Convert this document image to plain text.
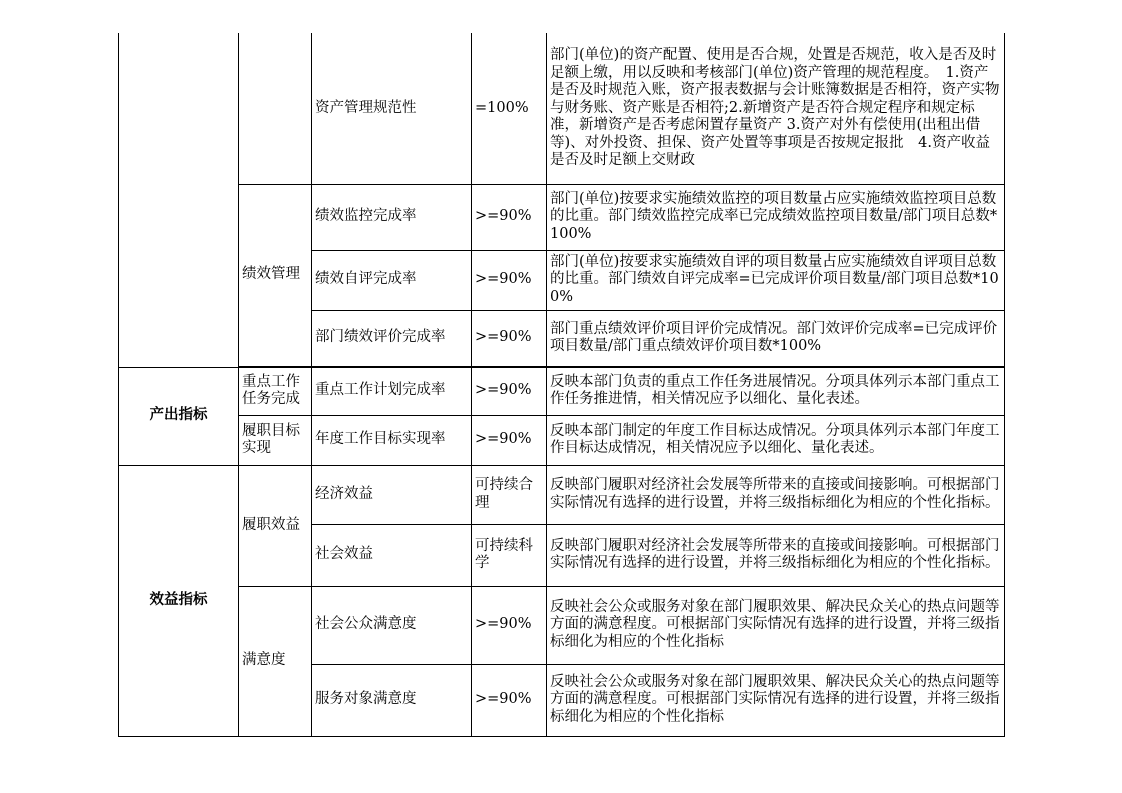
		资产管理规范性	=100%	部门(单位)的资产配置、使用是否合规，处置是否规范，收入是否及时足额上缴，用以反映和考核部门(单位)资产管理的规范程度。　1.资产是否及时规范入账，资产报表数据与会计账簿数据是否相符，资产实物与财务账、资产账是否相符;2.新增资产是否符合规定程序和规定标准，新增资产是否考虑闲置存量资产 3.资产对外有偿使用(出租出借等)、对外投资、担保、资产处置等事项是否按规定报批　4.资产收益是否及时足额上交财政
	绩效管理	绩效监控完成率	>=90%	部门(单位)按要求实施绩效监控的项目数量占应实施绩效监控项目总数的比重。部门绩效监控完成率已完成绩效监控项目数量/部门项目总数*100%
		绩效自评完成率	>=90%	部门(单位)按要求实施绩效自评的项目数量占应实施绩效自评项目总数的比重。部门绩效自评完成率=已完成评价项目数量/部门项目总数*100%
		部门绩效评价完成率	>=90%	部门重点绩效评价项目评价完成情况。部门效评价完成率=已完成评价项目数量/部门重点绩效评价项目数*100%

产出指标	重点工作任务完成	重点工作计划完成率	>=90%	反映本部门负责的重点工作任务进展情况。分项具体列示本部门重点工作任务推进情，相关情况应予以细化、量化表述。
	履职目标实现	年度工作目标实现率	>=90%	反映本部门制定的年度工作目标达成情况。分项具体列示本部门年度工作目标达成情况，相关情况应予以细化、量化表述。
效益指标	履职效益	经济效益	可持续合理	反映部门履职对经济社会发展等所带来的直接或间接影响。可根据部门实际情况有选择的进行设置，并将三级指标细化为相应的个性化指标。
		社会效益	可持续科学	反映部门履职对经济社会发展等所带来的直接或间接影响。可根据部门实际情况有选择的进行设置，并将三级指标细化为相应的个性化指标。
	满意度	社会公众满意度	>=90%	反映社会公众或服务对象在部门履职效果、解决民众关心的热点问题等方面的满意程度。可根据部门实际情况有选择的进行设置，并将三级指标细化为相应的个性化指标
		服务对象满意度	>=90%	反映社会公众或服务对象在部门履职效果、解决民众关心的热点问题等方面的满意程度。可根据部门实际情况有选择的进行设置，并将三级指标细化为相应的个性化指标
